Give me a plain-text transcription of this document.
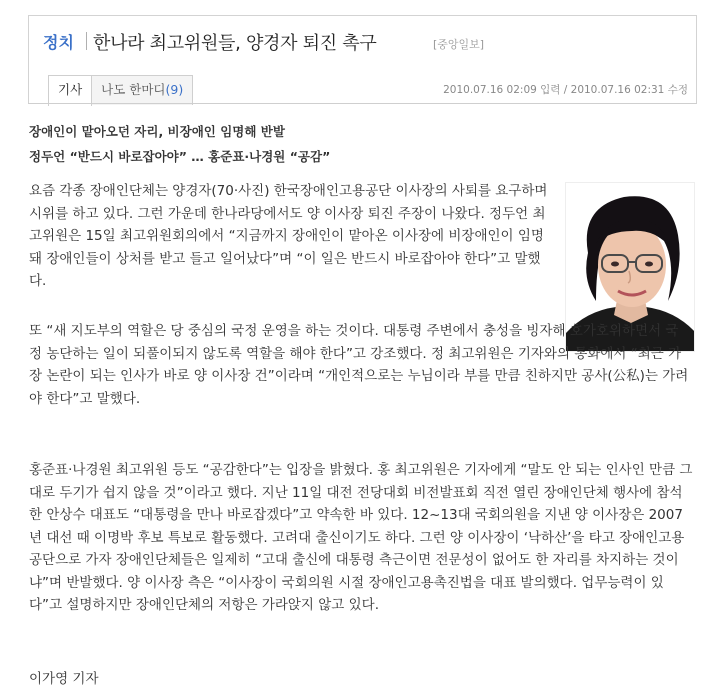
정치 한나라 최고위원들, 양경자 퇴진 촉구	[중앙일보]
기사	나도 한마디(9)	2010.07.16 02:09 입력 / 2010.07.16 02:31 수정
장애인이 맡아오던 자리, 비장애인 임명해 반발
정두언 “반드시 바로잡아야” … 홍준표·나경원 “공감”
요즘 각종 장애인단체는 양경자(70·사진) 한국장애인고용공단 이사장의 사퇴를 요구하며 시위를 하고 있다. 그런 가운데 한나라당에서도 양 이사장 퇴진 주장이 나왔다. 정두언 최고위원은 15일 최고위원회의에서 “지금까지 장애인이 맡아온 이사장에 비장애인이 임명돼 장애인들이 상처를 받고 들고 일어났다”며 “이 일은 반드시 바로잡아야 한다”고 말했다.
또 “새 지도부의 역할은 당 중심의 국정 운영을 하는 것이다. 대통령 주변에서 충성을 빙자해 호가호위하면서 국정 농단하는 일이 되풀이되지 않도록 역할을 해야 한다”고 강조했다. 정 최고위원은 기자와의 통화에서 “최근 가장 논란이 되는 인사가 바로 양 이사장 건”이라며 “개인적으로는 누님이라 부를 만큼 친하지만 공사(公私)는 가려야 한다”고 말했다.
홍준표·나경원 최고위원 등도 “공감한다”는 입장을 밝혔다. 홍 최고위원은 기자에게 “말도 안 되는 인사인 만큼 그대로 두기가 쉽지 않을 것”이라고 했다. 지난 11일 대전 전당대회 비전발표회 직전 열린 장애인단체 행사에 참석한 안상수 대표도 “대통령을 만나 바로잡겠다”고 약속한 바 있다. 12~13대 국회의원을 지낸 양 이사장은 2007년 대선 때 이명박 후보 특보로 활동했다. 고려대 출신이기도 하다. 그런 양 이사장이 ‘낙하산’을 타고 장애인고용공단으로 가자 장애인단체들은 일제히 “고대 출신에 대통령 측근이면 전문성이 없어도 한 자리를 차지하는 것이냐”며 반발했다. 양 이사장 측은 “이사장이 국회의원 시절 장애인고용촉진법을 대표 발의했다. 업무능력이 있다”고 설명하지만 장애인단체의 저항은 가라앉지 않고 있다.
이가영 기자
